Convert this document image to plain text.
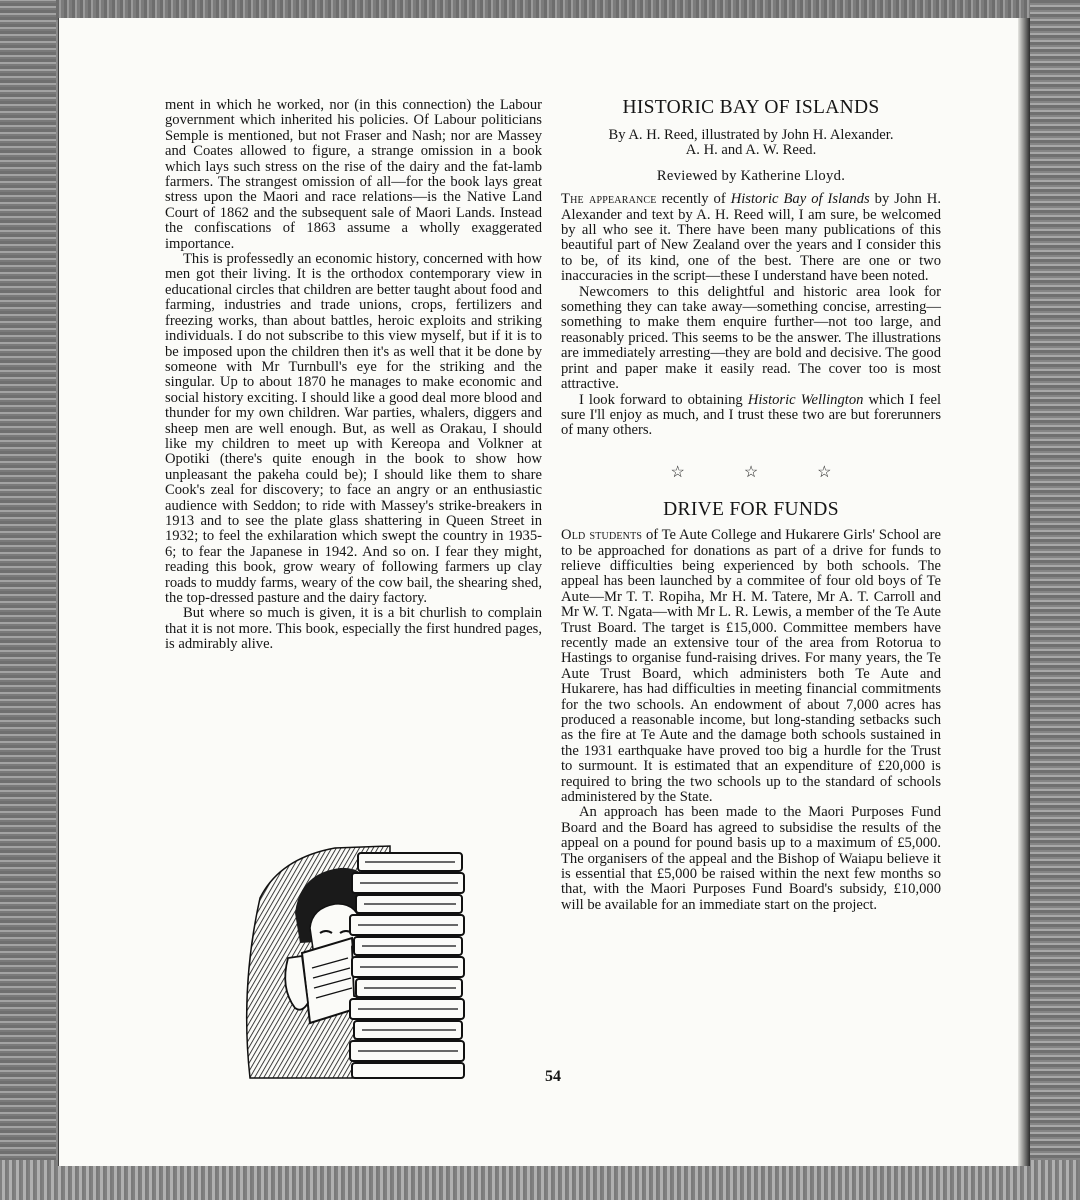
ment in which he worked, nor (in this connection) the Labour government which inherited his policies. Of Labour politicians Semple is mentioned, but not Fraser and Nash; nor are Massey and Coates allowed to figure, a strange omission in a book which lays such stress on the rise of the dairy and the fat-lamb farmers. The strangest omission of all—for the book lays great stress upon the Maori and race relations—is the Native Land Court of 1862 and the subsequent sale of Maori Lands. Instead the confiscations of 1863 assume a wholly exaggerated importance.

This is professedly an economic history, concerned with how men got their living. It is the orthodox contemporary view in educational circles that children are better taught about food and farming, industries and trade unions, crops, fertilizers and freezing works, than about battles, heroic exploits and striking individuals. I do not subscribe to this view myself, but if it is to be imposed upon the children then it's as well that it be done by someone with Mr Turnbull's eye for the striking and the singular. Up to about 1870 he manages to make economic and social history exciting. I should like a good deal more blood and thunder for my own children. War parties, whalers, diggers and sheep men are well enough. But, as well as Orakau, I should like my children to meet up with Kereopa and Volkner at Opotiki (there's quite enough in the book to show how unpleasant the pakeha could be); I should like them to share Cook's zeal for discovery; to face an angry or an enthusiastic audience with Seddon; to ride with Massey's strike-breakers in 1913 and to see the plate glass shattering in Queen Street in 1932; to feel the exhilaration which swept the country in 1935-6; to fear the Japanese in 1942. And so on. I fear they might, reading this book, grow weary of following farmers up clay roads to muddy farms, weary of the cow bail, the shearing shed, the top-dressed pasture and the dairy factory.

But where so much is given, it is a bit churlish to complain that it is not more. This book, especially the first hundred pages, is admirably alive.

HISTORIC BAY OF ISLANDS
By A. H. Reed, illustrated by John H. Alexander.
A. H. and A. W. Reed.
Reviewed by Katherine Lloyd.

The appearance recently of Historic Bay of Islands by John H. Alexander and text by A. H. Reed will, I am sure, be welcomed by all who see it. There have been many publications of this beautiful part of New Zealand over the years and I consider this to be, of its kind, one of the best. There are one or two inaccuracies in the script—these I understand have been noted.

Newcomers to this delightful and historic area look for something they can take away—something concise, arresting—something to make them enquire further—not too large, and reasonably priced. This seems to be the answer. The illustrations are immediately arresting—they are bold and decisive. The good print and paper make it easily read. The cover too is most attractive.

I look forward to obtaining Historic Wellington which I feel sure I'll enjoy as much, and I trust these two are but forerunners of many others.

☆	☆	☆
DRIVE FOR FUNDS

Old students of Te Aute College and Hukarere Girls' School are to be approached for donations as part of a drive for funds to relieve difficulties being experienced by both schools. The appeal has been launched by a commitee of four old boys of Te Aute—Mr T. T. Ropiha, Mr H. M. Tatere, Mr A. T. Carroll and Mr W. T. Ngata—with Mr L. R. Lewis, a member of the Te Aute Trust Board. The target is £15,000. Committee members have recently made an extensive tour of the area from Rotorua to Hastings to organise fund-raising drives. For many years, the Te Aute Trust Board, which administers both Te Aute and Hukarere, has had difficulties in meeting financial commitments for the two schools. An endowment of about 7,000 acres has produced a reasonable income, but long-standing setbacks such as the fire at Te Aute and the damage both schools sustained in the 1931 earthquake have proved too big a hurdle for the Trust to surmount. It is estimated that an expenditure of £20,000 is required to bring the two schools up to the standard of schools administered by the State.

An approach has been made to the Maori Purposes Fund Board and the Board has agreed to subsidise the results of the appeal on a pound for pound basis up to a maximum of £5,000. The organisers of the appeal and the Bishop of Waiapu believe it is essential that £5,000 be raised within the next few months so that, with the Maori Purposes Fund Board's subsidy, £10,000 will be available for an immediate start on the project.

54
